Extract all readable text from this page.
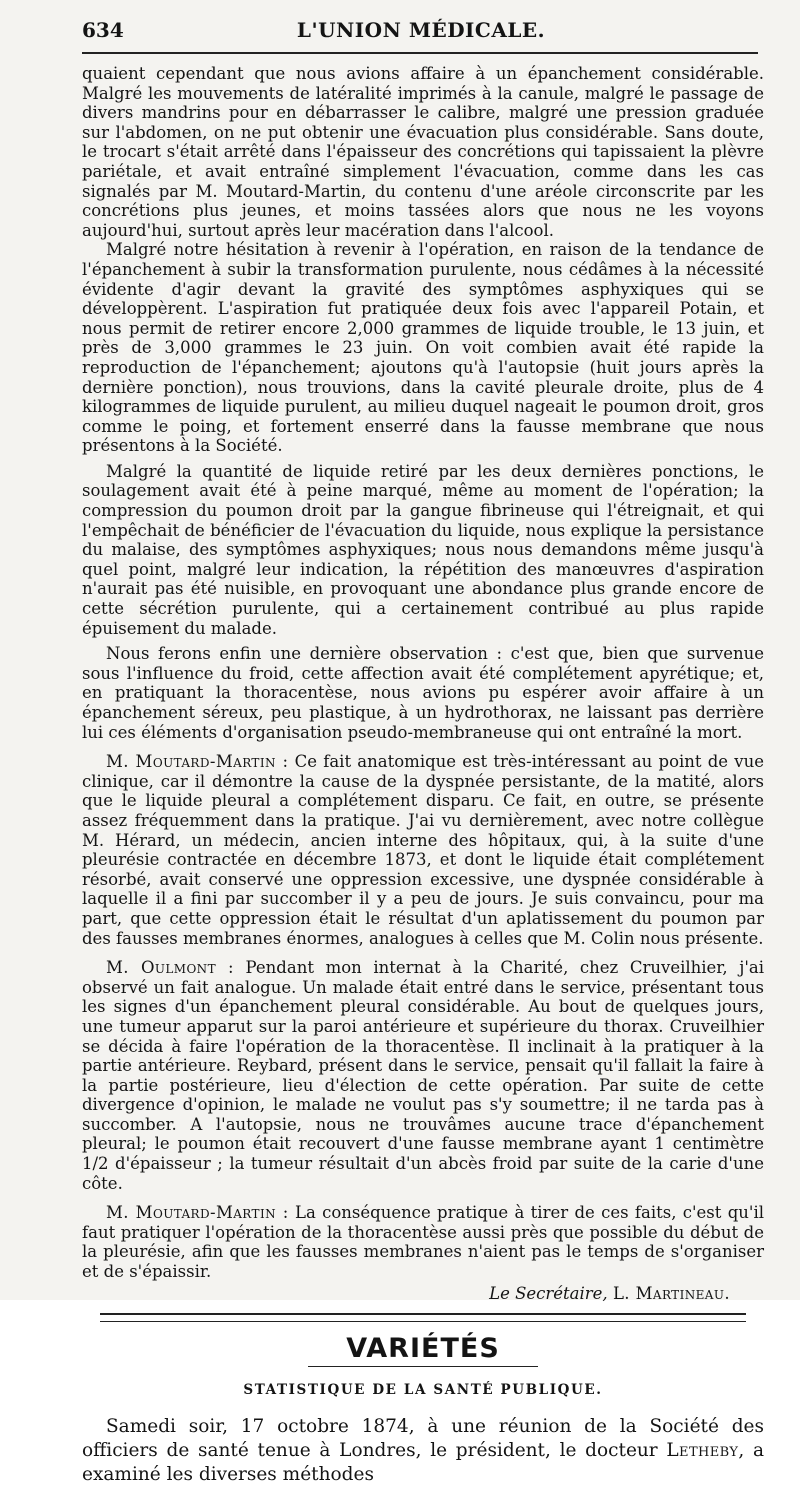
634	L'UNION MÉDICALE.

quaient cependant que nous avions affaire à un épanchement considérable. Malgré les mouvements de latéralité imprimés à la canule, malgré le passage de divers mandrins pour en débarrasser le calibre, malgré une pression graduée sur l'abdomen, on ne put obtenir une évacuation plus considérable. Sans doute, le trocart s'était arrêté dans l'épaisseur des concrétions qui tapissaient la plèvre pariétale, et avait entraîné simplement l'évacuation, comme dans les cas signalés par M. Moutard-Martin, du contenu d'une aréole circonscrite par les concrétions plus jeunes, et moins tassées alors que nous ne les voyons aujourd'hui, surtout après leur macération dans l'alcool.

Malgré notre hésitation à revenir à l'opération, en raison de la tendance de l'épanchement à subir la transformation purulente, nous cédâmes à la nécessité évidente d'agir devant la gravité des symptômes asphyxiques qui se développèrent. L'aspiration fut pratiquée deux fois avec l'appareil Potain, et nous permit de retirer encore 2,000 grammes de liquide trouble, le 13 juin, et près de 3,000 grammes le 23 juin. On voit combien avait été rapide la reproduction de l'épanchement; ajoutons qu'à l'autopsie (huit jours après la dernière ponction), nous trouvions, dans la cavité pleurale droite, plus de 4 kilogrammes de liquide purulent, au milieu duquel nageait le poumon droit, gros comme le poing, et fortement enserré dans la fausse membrane que nous présentons à la Société.

Malgré la quantité de liquide retiré par les deux dernières ponctions, le soulagement avait été à peine marqué, même au moment de l'opération; la compression du poumon droit par la gangue fibrineuse qui l'étreignait, et qui l'empêchait de bénéficier de l'évacuation du liquide, nous explique la persistance du malaise, des symptômes asphyxiques; nous nous demandons même jusqu'à quel point, malgré leur indication, la répétition des manœuvres d'aspiration n'aurait pas été nuisible, en provoquant une abondance plus grande encore de cette sécrétion purulente, qui a certainement contribué au plus rapide épuisement du malade.

Nous ferons enfin une dernière observation : c'est que, bien que survenue sous l'influence du froid, cette affection avait été complétement apyrétique; et, en pratiquant la thoracentèse, nous avions pu espérer avoir affaire à un épanchement séreux, peu plastique, à un hydrothorax, ne laissant pas derrière lui ces éléments d'organisation pseudo-membraneuse qui ont entraîné la mort.

M. Moutard-Martin : Ce fait anatomique est très-intéressant au point de vue clinique, car il démontre la cause de la dyspnée persistante, de la matité, alors que le liquide pleural a complétement disparu. Ce fait, en outre, se présente assez fréquemment dans la pratique. J'ai vu dernièrement, avec notre collègue M. Hérard, un médecin, ancien interne des hôpitaux, qui, à la suite d'une pleurésie contractée en décembre 1873, et dont le liquide était complétement résorbé, avait conservé une oppression excessive, une dyspnée considérable à laquelle il a fini par succomber il y a peu de jours. Je suis convaincu, pour ma part, que cette oppression était le résultat d'un aplatissement du poumon par des fausses membranes énormes, analogues à celles que M. Colin nous présente.

M. Oulmont : Pendant mon internat à la Charité, chez Cruveilhier, j'ai observé un fait analogue. Un malade était entré dans le service, présentant tous les signes d'un épanchement pleural considérable. Au bout de quelques jours, une tumeur apparut sur la paroi antérieure et supérieure du thorax. Cruveilhier se décida à faire l'opération de la thoracentèse. Il inclinait à la pratiquer à la partie antérieure. Reybard, présent dans le service, pensait qu'il fallait la faire à la partie postérieure, lieu d'élection de cette opération. Par suite de cette divergence d'opinion, le malade ne voulut pas s'y soumettre; il ne tarda pas à succomber. A l'autopsie, nous ne trouvâmes aucune trace d'épanchement pleural; le poumon était recouvert d'une fausse membrane ayant 1 centimètre 1/2 d'épaisseur ; la tumeur résultait d'un abcès froid par suite de la carie d'une côte.

M. Moutard-Martin : La conséquence pratique à tirer de ces faits, c'est qu'il faut pratiquer l'opération de la thoracentèse aussi près que possible du début de la pleurésie, afin que les fausses membranes n'aient pas le temps de s'organiser et de s'épaissir.

Le Secrétaire, L. Martineau.
VARIÉTÉS
STATISTIQUE DE LA SANTÉ PUBLIQUE.

Samedi soir, 17 octobre 1874, à une réunion de la Société des officiers de santé tenue à Londres, le président, le docteur Letheby, a examiné les diverses méthodes
